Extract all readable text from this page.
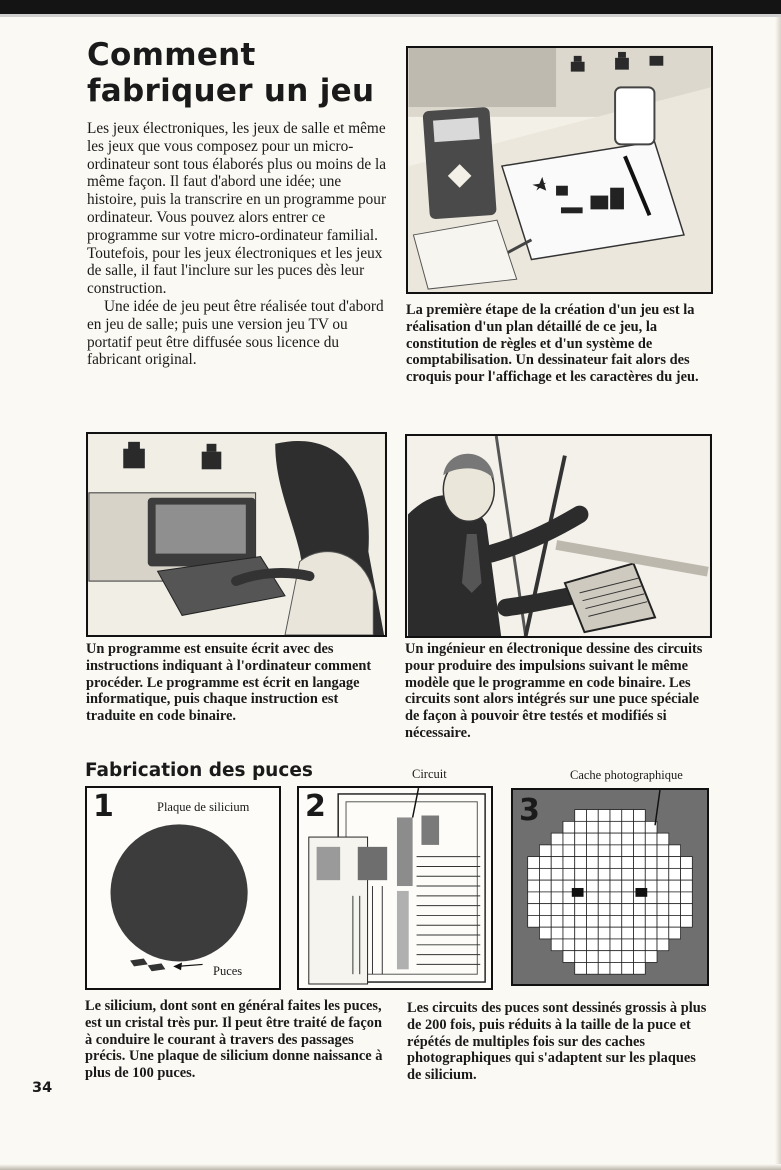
Comment
fabriquer un jeu

Les jeux électroniques, les jeux de salle et même les jeux que vous composez pour un micro-ordinateur sont tous élaborés plus ou moins de la même façon. Il faut d'abord une idée; une histoire, puis la transcrire en un programme pour ordinateur. Vous pouvez alors entrer ce programme sur votre micro-ordinateur familial. Toutefois, pour les jeux électroniques et les jeux de salle, il faut l'inclure sur les puces dès leur construction.

Une idée de jeu peut être réalisée tout d'abord en jeu de salle; puis une version jeu TV ou portatif peut être diffusée sous licence du fabricant original.

La première étape de la création d'un jeu est la réalisation d'un plan détaillé de ce jeu, la constitution de règles et d'un système de comptabilisation. Un dessinateur fait alors des croquis pour l'affichage et les caractères du jeu.

Un programme est ensuite écrit avec des instructions indiquant à l'ordinateur comment procéder. Le programme est écrit en langage informatique, puis chaque instruction est traduite en code binaire.

Un ingénieur en électronique dessine des circuits pour produire des impulsions suivant le même modèle que le programme en code binaire. Les circuits sont alors intégrés sur une puce spéciale de façon à pouvoir être testés et modifiés si nécessaire.

Fabrication des puces	Circuit	Cache photographique
1	Plaque de silicium
Puces
2	3

Le silicium, dont sont en général faites les puces, est un cristal très pur. Il peut être traité de façon à conduire le courant à travers des passages précis. Une plaque de silicium donne naissance à plus de 100 puces.

Les circuits des puces sont dessinés grossis à plus de 200 fois, puis réduits à la taille de la puce et répétés de multiples fois sur des caches photographiques qui s'adaptent sur les plaques de silicium.

34
